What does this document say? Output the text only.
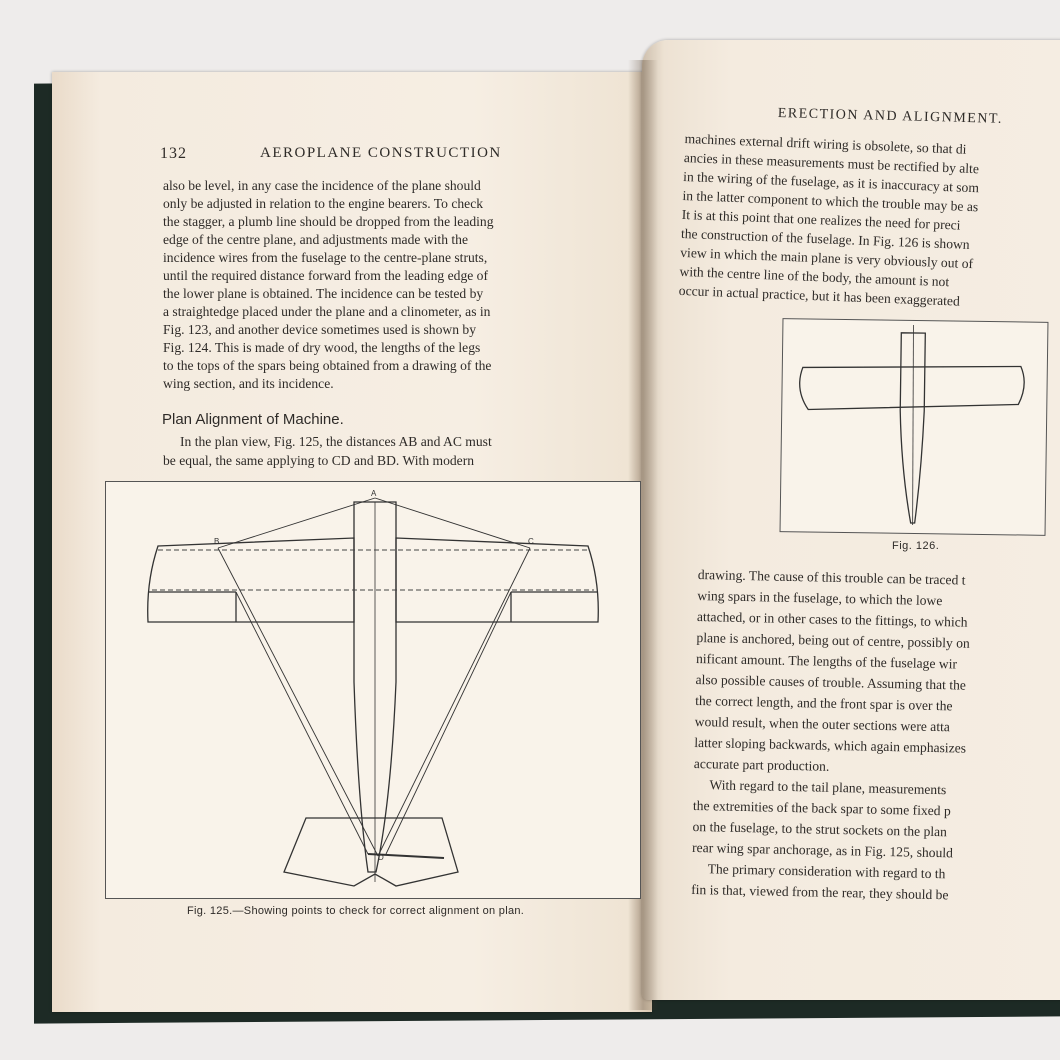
132	AEROPLANE CONSTRUCTION
also be level, in any case the incidence of the plane should
only be adjusted in relation to the engine bearers. To check
the stagger, a plumb line should be dropped from the leading
edge of the centre plane, and adjustments made with the
incidence wires from the fuselage to the centre-plane struts,
until the required distance forward from the leading edge of
the lower plane is obtained. The incidence can be tested by
a straightedge placed under the plane and a clinometer, as in
Fig. 123, and another device sometimes used is shown by
Fig. 124. This is made of dry wood, the lengths of the legs
to the tops of the spars being obtained from a drawing of the
wing section, and its incidence.
Plan Alignment of Machine.
In the plan view, Fig. 125, the distances AB and AC must
be equal, the same applying to CD and BD. With modern
A
B	C
D
Fig. 125.—Showing points to check for correct alignment on plan.
ERECTION AND ALIGNMENT.
machines external drift wiring is obsolete, so that di
ancies in these measurements must be rectified by alte
in the wiring of the fuselage, as it is inaccuracy at som
in the latter component to which the trouble may be as
It is at this point that one realizes the need for preci
the construction of the fuselage. In Fig. 126 is shown
view in which the main plane is very obviously out of
with the centre line of the body, the amount is not
occur in actual practice, but it has been exaggerated
Fig. 126.
drawing. The cause of this trouble can be traced t
wing spars in the fuselage, to which the lowe
attached, or in other cases to the fittings, to which
plane is anchored, being out of centre, possibly on
nificant amount. The lengths of the fuselage wir
also possible causes of trouble. Assuming that the
the correct length, and the front spar is over the
would result, when the outer sections were atta
latter sloping backwards, which again emphasizes
accurate part production.
With regard to the tail plane, measurements
the extremities of the back spar to some fixed p
on the fuselage, to the strut sockets on the plan
rear wing spar anchorage, as in Fig. 125, should
The primary consideration with regard to th
fin is that, viewed from the rear, they should be
